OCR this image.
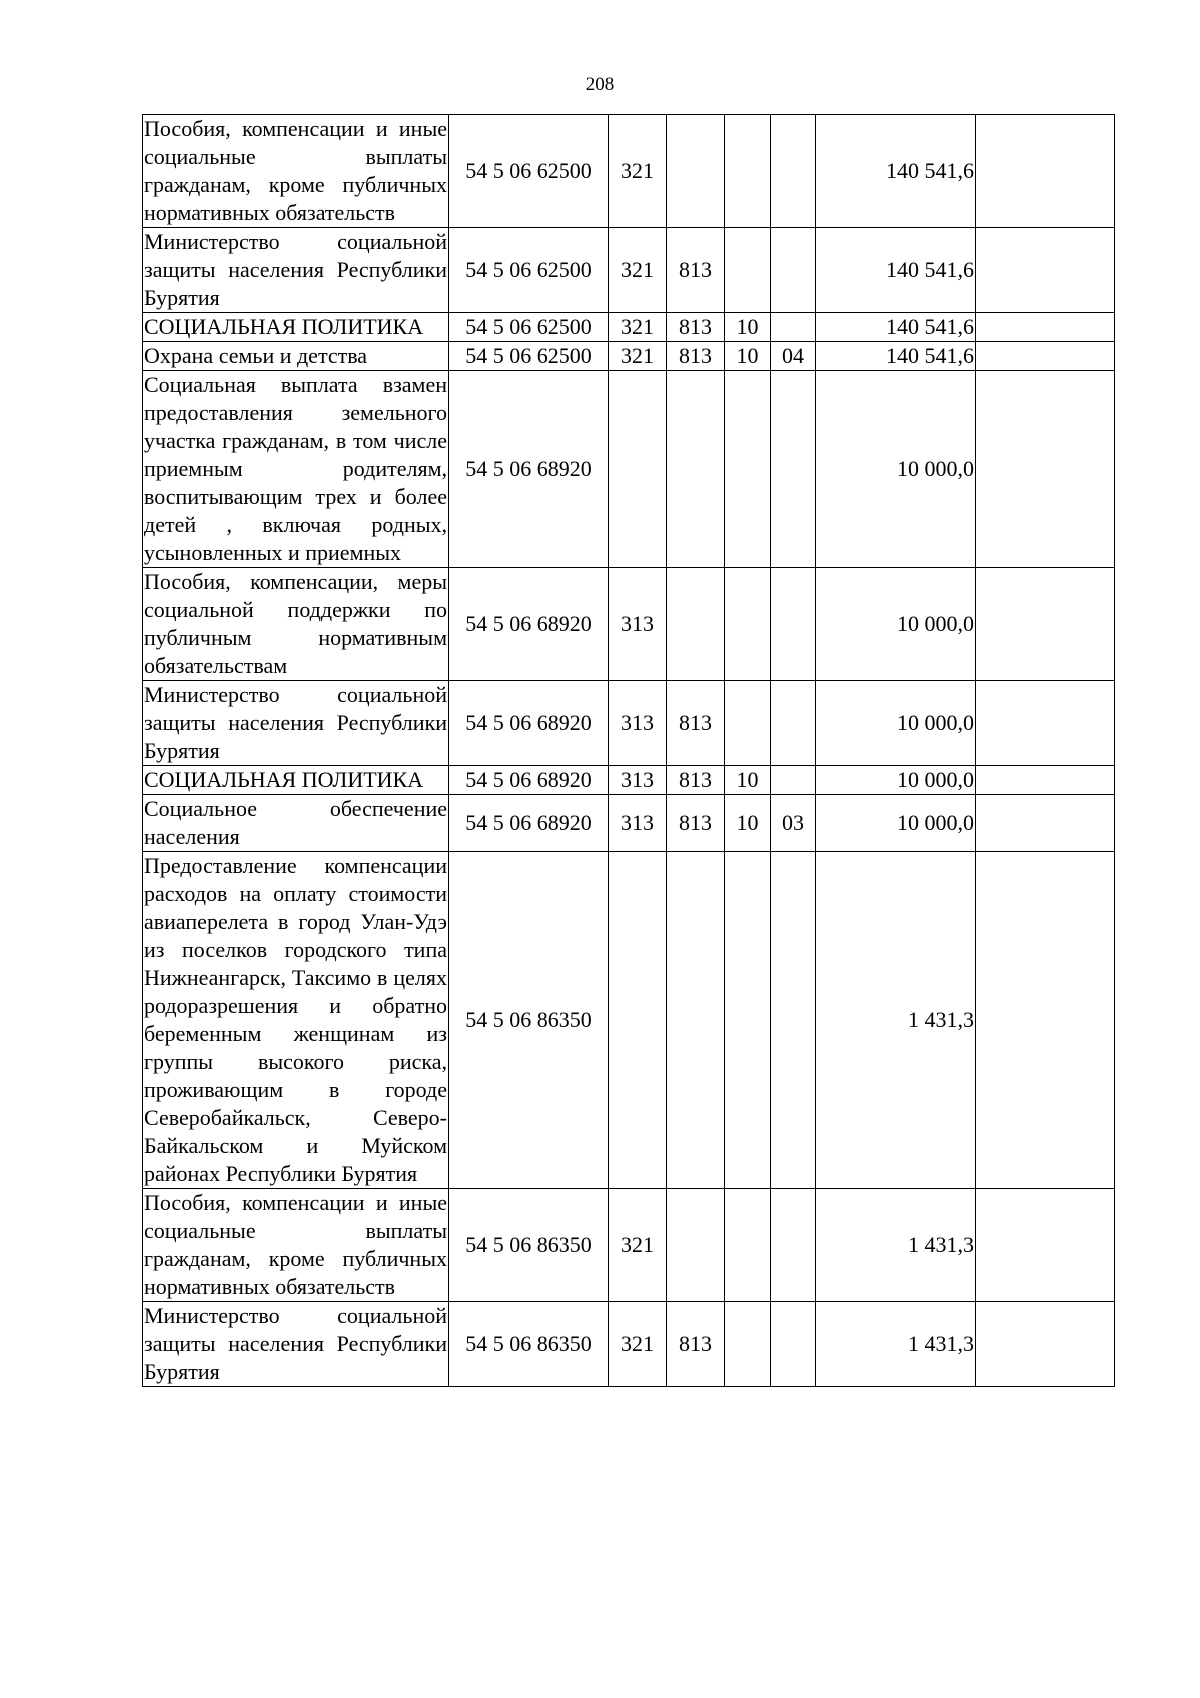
208
Пособия, компенсации и иные социальные выплаты гражданам, кроме публичных нормативных обязательств	54 5 06 62500	321				140 541,6	
Министерство социальной защиты населения Республики Бурятия	54 5 06 62500	321	813			140 541,6	
СОЦИАЛЬНАЯ ПОЛИТИКА	54 5 06 62500	321	813	10		140 541,6	
Охрана семьи и детства	54 5 06 62500	321	813	10	04	140 541,6	
Социальная выплата взамен предоставления земельного участка гражданам, в том числе приемным родителям, воспитывающим трех и более детей , включая родных, усыновленных и приемных	54 5 06 68920					10 000,0	
Пособия, компенсации, меры социальной поддержки по публичным нормативным обязательствам	54 5 06 68920	313				10 000,0	
Министерство социальной защиты населения Республики Бурятия	54 5 06 68920	313	813			10 000,0	
СОЦИАЛЬНАЯ ПОЛИТИКА	54 5 06 68920	313	813	10		10 000,0	
Социальное обеспечение населения	54 5 06 68920	313	813	10	03	10 000,0	
Предоставление компенсации расходов на оплату стоимости авиаперелета в город Улан-Удэ из поселков городского типа Нижнеангарск, Таксимо в целях родоразрешения и обратно беременным женщинам из группы высокого риска, проживающим в городе Северобайкальск, Северо-Байкальском и Муйском районах Республики Бурятия	54 5 06 86350					1 431,3	
Пособия, компенсации и иные социальные выплаты гражданам, кроме публичных нормативных обязательств	54 5 06 86350	321				1 431,3	
Министерство социальной защиты населения Республики Бурятия	54 5 06 86350	321	813			1 431,3	
